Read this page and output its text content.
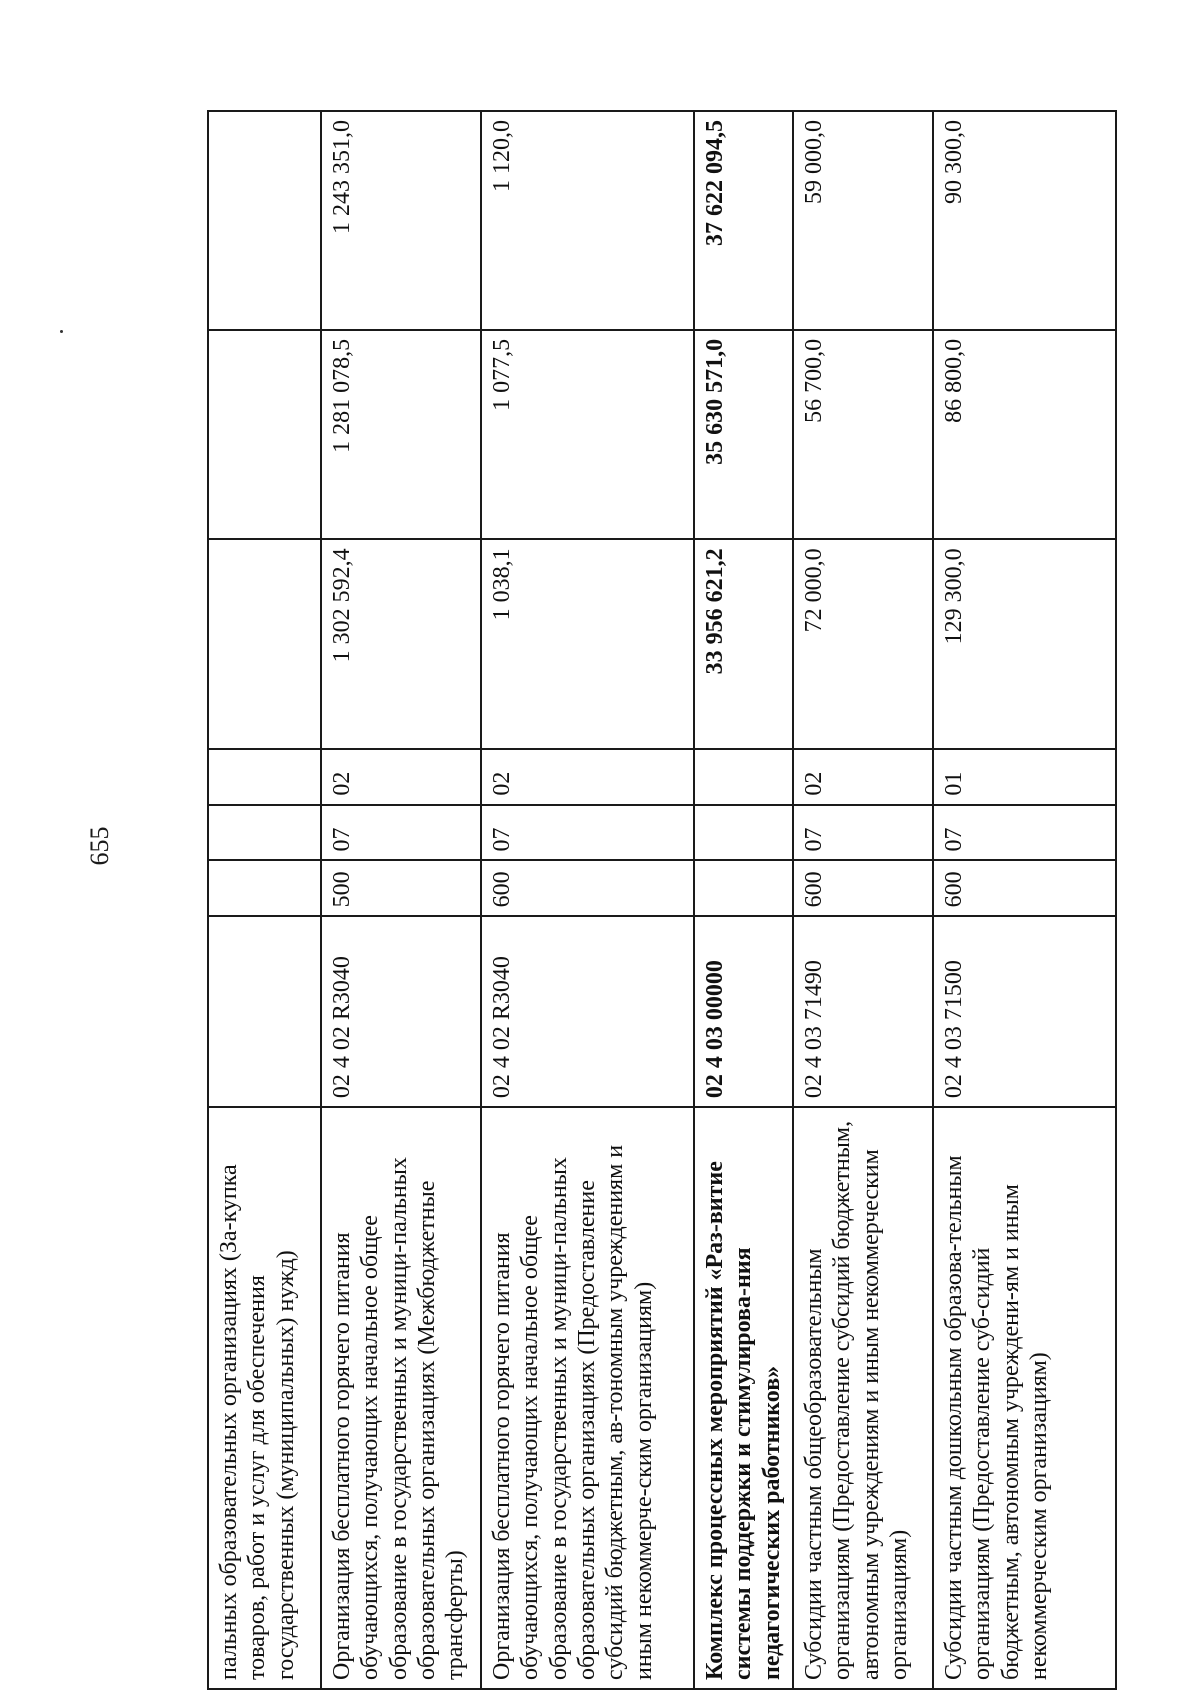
655
пальных образовательных организациях (За-купка товаров, работ и услуг для обеспечения государственных (муниципальных) нужд)							
Организация бесплатного горячего питания обучающихся, получающих начальное общее образование в государственных и муници-пальных образовательных организациях (Межбюджетные трансферты)	02 4 02 R3040	500	07	02	1 302 592,4	1 281 078,5	1 243 351,0
Организация бесплатного горячего питания обучающихся, получающих начальное общее образование в государственных и муници-пальных образовательных организациях (Предоставление субсидий бюджетным, ав-тономным учреждениям и иным некоммерче-ским организациям)	02 4 02 R3040	600	07	02	1 038,1	1 077,5	1 120,0
Комплекс процессных мероприятий «Раз-витие системы поддержки и стимулирова-ния педагогических работников»	02 4 03 00000				33 956 621,2	35 630 571,0	37 622 094,5
Субсидии частным общеобразовательным организациям (Предоставление субсидий бюджетным, автономным учреждениям и иным некоммерческим организациям)	02 4 03 71490	600	07	02	72 000,0	56 700,0	59 000,0
Субсидии частным дошкольным образова-тельным организациям (Предоставление суб-сидий бюджетным, автономным учреждени-ям и иным некоммерческим организациям)	02 4 03 71500	600	07	01	129 300,0	86 800,0	90 300,0
